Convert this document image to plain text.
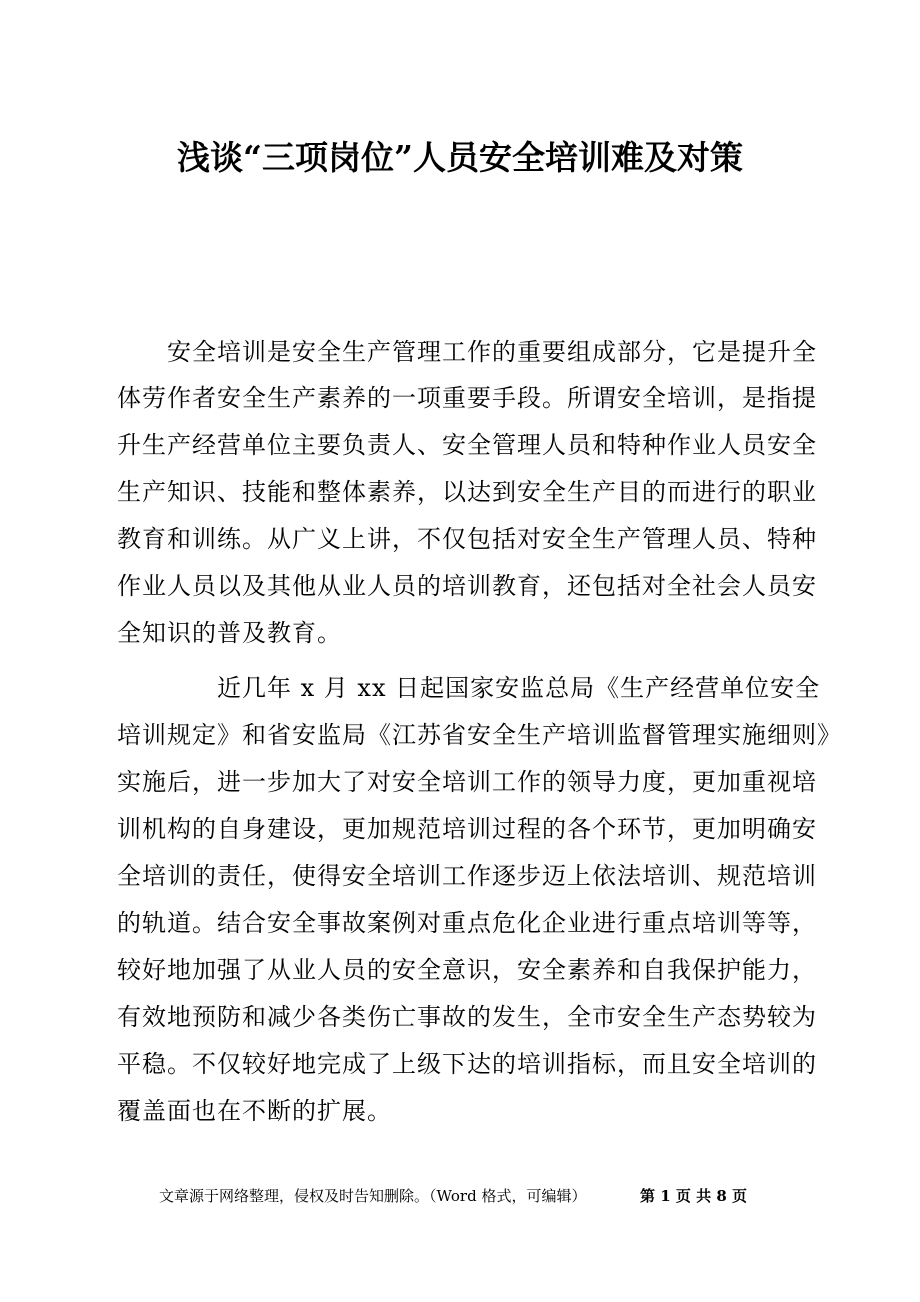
浅谈“三项岗位”人员安全培训难及对策
　　安全培训是安全生产管理工作的重要组成部分，它是提升全
体劳作者安全生产素养的一项重要手段。所谓安全培训，是指提
升生产经营单位主要负责人、安全管理人员和特种作业人员安全
生产知识、技能和整体素养，以达到安全生产目的而进行的职业
教育和训练。从广义上讲，不仅包括对安全生产管理人员、特种
作业人员以及其他从业人员的培训教育，还包括对全社会人员安
全知识的普及教育。
　　　　近几年 x 月 xx 日起国家安监总局《生产经营单位安全
培训规定》和省安监局《江苏省安全生产培训监督管理实施细则》
实施后，进一步加大了对安全培训工作的领导力度，更加重视培
训机构的自身建设，更加规范培训过程的各个环节，更加明确安
全培训的责任，使得安全培训工作逐步迈上依法培训、规范培训
的轨道。结合安全事故案例对重点危化企业进行重点培训等等，
较好地加强了从业人员的安全意识，安全素养和自我保护能力，
有效地预防和减少各类伤亡事故的发生，全市安全生产态势较为
平稳。不仅较好地完成了上级下达的培训指标，而且安全培训的
覆盖面也在不断的扩展。
文章源于网络整理，侵权及时告知删除。（Word 格式，可编辑）	第 1 页 共 8 页
